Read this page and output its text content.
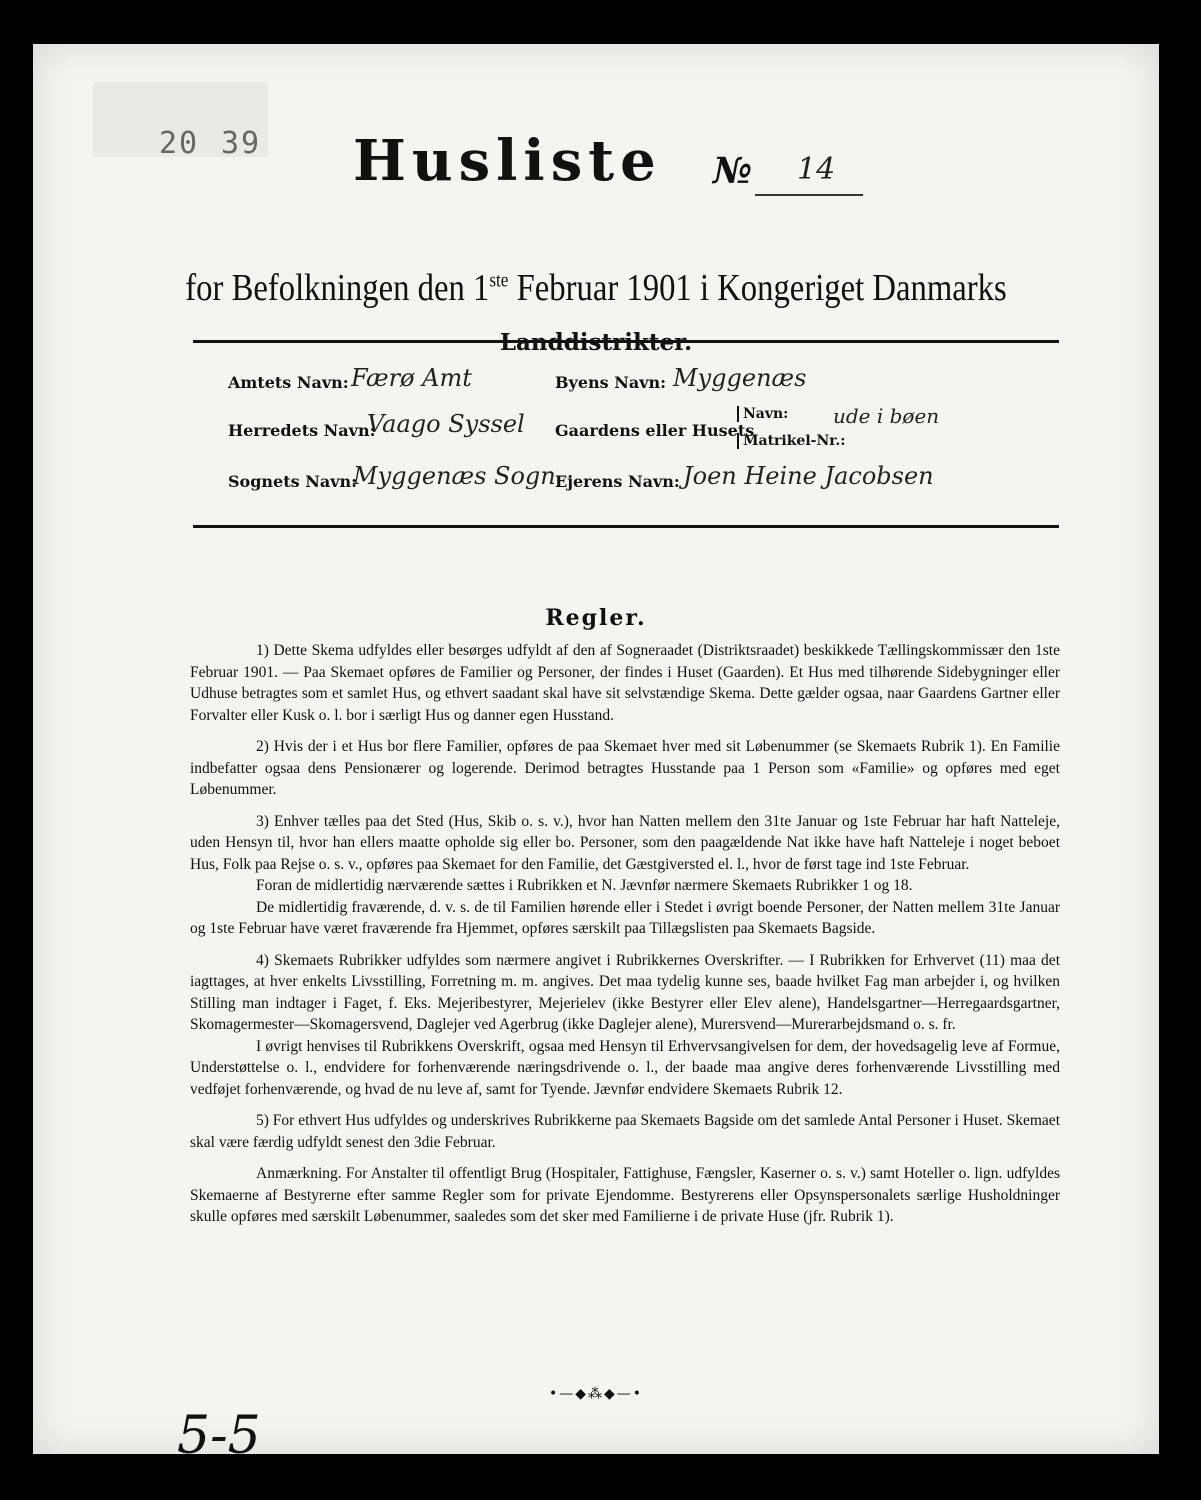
20 39 Husliste № 14
for Befolkningen den 1ste Februar 1901 i Kongeriget Danmarks
Landdistrikter.
Amtets Navn: Færø Amt
Herredets Navn:
Vaago Syssel
Sognets Navn:
Myggenæs Sogn
Byens Navn: Myggenæs
Gaardens eller Husets
Navn:
Matrikel-Nr.:
ude i bøen
Ejerens Navn: Joen Heine Jacobsen
Regler.

1) Dette Skema udfyldes eller besørges udfyldt af den af Sogneraadet (Distriktsraadet) beskikkede Tællingskommissær den 1ste Februar 1901. — Paa Skemaet opføres de Familier og Personer, der findes i Huset (Gaarden). Et Hus med tilhørende Sidebygninger eller Udhuse betragtes som et samlet Hus, og ethvert saadant skal have sit selvstændige Skema. Dette gælder ogsaa, naar Gaardens Gartner eller Forvalter eller Kusk o. l. bor i særligt Hus og danner egen Husstand.

2) Hvis der i et Hus bor flere Familier, opføres de paa Skemaet hver med sit Løbenummer (se Skemaets Rubrik 1). En Familie indbefatter ogsaa dens Pensionærer og logerende. Derimod betragtes Husstande paa 1 Person som «Familie» og opføres med eget Løbenummer.

3) Enhver tælles paa det Sted (Hus, Skib o. s. v.), hvor han Natten mellem den 31te Januar og 1ste Februar har haft Natteleje, uden Hensyn til, hvor han ellers maatte opholde sig eller bo. Personer, som den paagældende Nat ikke have haft Natteleje i noget beboet Hus, Folk paa Rejse o. s. v., opføres paa Skemaet for den Familie, det Gæstgiversted el. l., hvor de først tage ind 1ste Februar.

Foran de midlertidig nærværende sættes i Rubrikken et N. Jævnfør nærmere Skemaets Rubrikker 1 og 18.

De midlertidig fraværende, d. v. s. de til Familien hørende eller i Stedet i øvrigt boende Personer, der Natten mellem 31te Januar og 1ste Februar have været fraværende fra Hjemmet, opføres særskilt paa Tillægslisten paa Skemaets Bagside.

4) Skemaets Rubrikker udfyldes som nærmere angivet i Rubrikkernes Overskrifter. — I Rubrikken for Erhvervet (11) maa det iagttages, at hver enkelts Livsstilling, Forretning m. m. angives. Det maa tydelig kunne ses, baade hvilket Fag man arbejder i, og hvilken Stilling man indtager i Faget, f. Eks. Mejeribestyrer, Mejerielev (ikke Bestyrer eller Elev alene), Handelsgartner—Herregaardsgartner, Skomagermester—Skomagersvend, Daglejer ved Agerbrug (ikke Daglejer alene), Murersvend—Murerarbejdsmand o. s. fr.

I øvrigt henvises til Rubrikkens Overskrift, ogsaa med Hensyn til Erhvervsangivelsen for dem, der hovedsagelig leve af Formue, Understøttelse o. l., endvidere for forhenværende næringsdrivende o. l., der baade maa angive deres forhenværende Livsstilling med vedføjet forhenværende, og hvad de nu leve af, samt for Tyende. Jævnfør endvidere Skemaets Rubrik 12.

5) For ethvert Hus udfyldes og underskrives Rubrikkerne paa Skemaets Bagside om det samlede Antal Personer i Huset. Skemaet skal være færdig udfyldt senest den 3die Februar.

Anmærkning. For Anstalter til offentligt Brug (Hospitaler, Fattighuse, Fængsler, Kaserner o. s. v.) samt Hoteller o. lign. udfyldes Skemaerne af Bestyrerne efter samme Regler som for private Ejendomme. Bestyrerens eller Opsynspersonalets særlige Husholdninger skulle opføres med særskilt Løbenummer, saaledes som det sker med Familierne i de private Huse (jfr. Rubrik 1).

•—◆⁂◆—•
5-5
